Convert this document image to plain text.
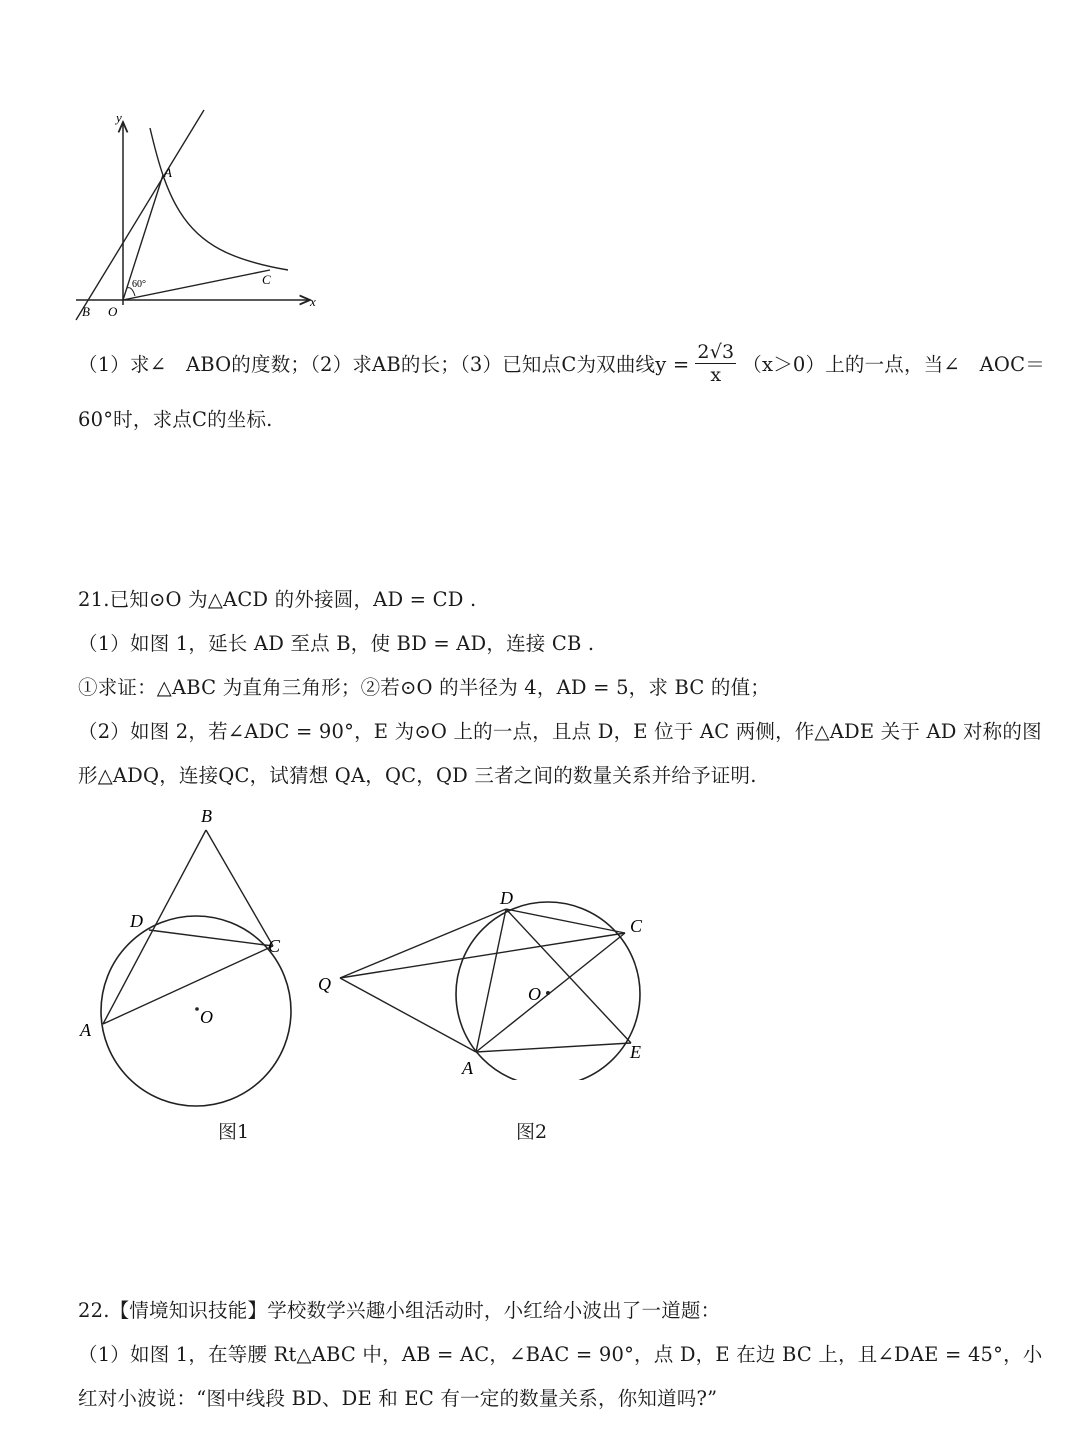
y
x
A
B O
C
60°
（1）求∠　ABO的度数；（2）求AB的长；（3）已知点C为双曲线$y = \frac{2√3}{x} (x>0)$上的一点，当∠　AOC＝
60°时，求点C的坐标.
21.已知⊙O 为△ACD 的外接圆，AD = CD .
（1）如图 1，延长 AD 至点 B，使 BD = AD，连接 CB .
①求证：△ABC 为直角三角形；②若⊙O 的半径为 4，AD = 5，求 BC 的值；
（2）如图 2，若∠ADC = 90°，E 为⊙O 上的一点，且点 D，E 位于 AC 两侧，作△ADE 关于 AD 对称的图
形△ADQ，连接QC，试猜想 QA，QC，QD 三者之间的数量关系并给予证明.
B
D
C
A
O
图1
D
C
Q	O
A
E
图2
22.【情境知识技能】学校数学兴趣小组活动时，小红给小波出了一道题：
（1）如图 1，在等腰 Rt△ABC 中，AB = AC，∠BAC = 90°，点 D，E 在边 BC 上，且∠DAE = 45°，小
红对小波说：“图中线段 BD、DE 和 EC 有一定的数量关系，你知道吗?”
